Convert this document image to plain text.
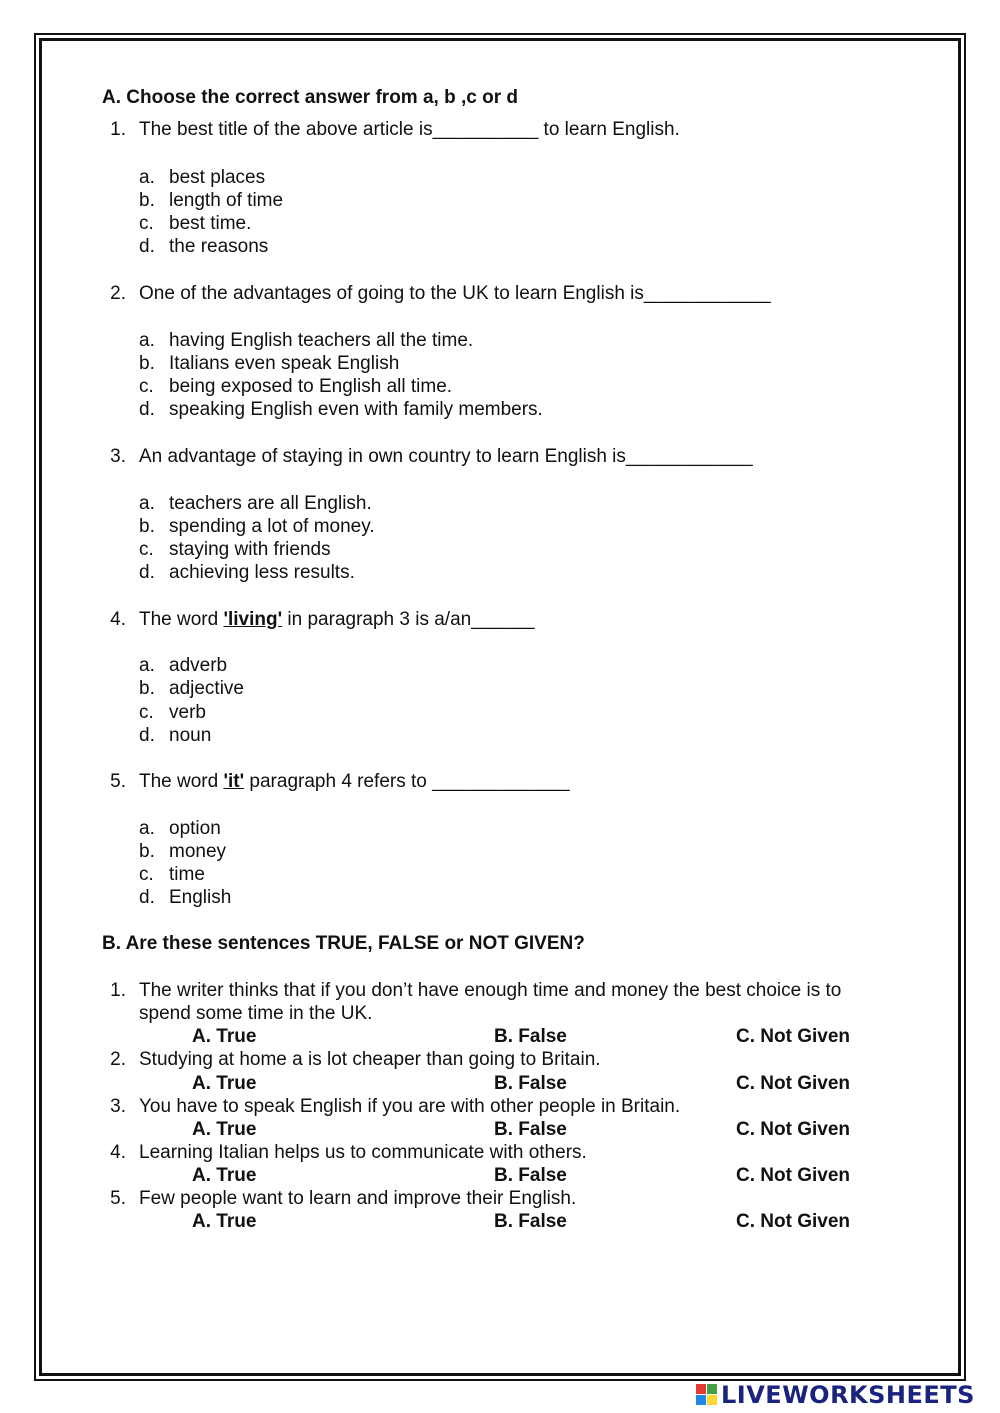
A. Choose the correct answer from a, b ,c or d
1. The best title of the above article is__________ to learn English.
a. best places
b. length of time
c. best time.
d. the reasons
2. One of the advantages of going to the UK to learn English is____________
a. having English teachers all the time.
b. Italians even speak English
c. being exposed to English all time.
d. speaking English even with family members.
3. An advantage of staying in own country to learn English is____________
a. teachers are all English.
b. spending a lot of money.
c. staying with friends
d. achieving less results.
4. The word 'living' in paragraph 3 is a/an______
a. adverb
b. adjective
c. verb
d. noun
5. The word 'it' paragraph 4 refers to _____________
a. option
b. money
c. time
d. English
B. Are these sentences TRUE, FALSE or NOT GIVEN?
1. The writer thinks that if you don’t have enough time and money the best choice is to
spend some time in the UK.
A. True	B. False	C. Not Given
2. Studying at home a is lot cheaper than going to Britain.
A. True	B. False	C. Not Given
3. You have to speak English if you are with other people in Britain.
A. True	B. False	C. Not Given
4. Learning Italian helps us to communicate with others.
A. True	B. False	C. Not Given
5. Few people want to learn and improve their English.
A. True	B. False	C. Not Given
LIVEWORKSHEETS
